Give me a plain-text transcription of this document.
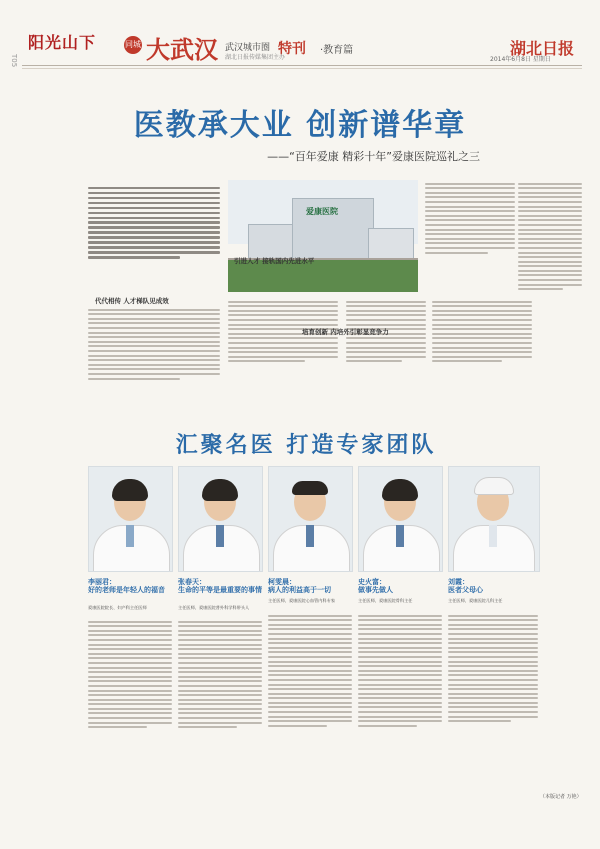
T05
阳光山下	同城 大武汉 武汉城市圈 特刊 ·教育篇
湖北日报传媒集团主办	湖北日报
2014年6月8日 星期日
医教承大业 创新谱华章
——“百年爱康 精彩十年”爱康医院巡礼之三
代代相传 人才梯队见成效
爱康医院
引进人才 接轨国内先进水平
培育创新 内培外引彰显竞争力
汇聚名医 打造专家团队
李丽君：
好的老师是年轻人的福音
爱康医院院长、妇产科主任医师
张春天：
生命的平等是最重要的事情
主任医师、爱康医院普外科学科带头人
柯雯晨：
病人的利益高于一切
主任医师、爱康医院心血管内科专家
史火富：
做事先做人
主任医师、爱康医院骨科主任
刘霞：
医者父母心
主任医师、爱康医院儿科主任
（本版记者 万艳）
